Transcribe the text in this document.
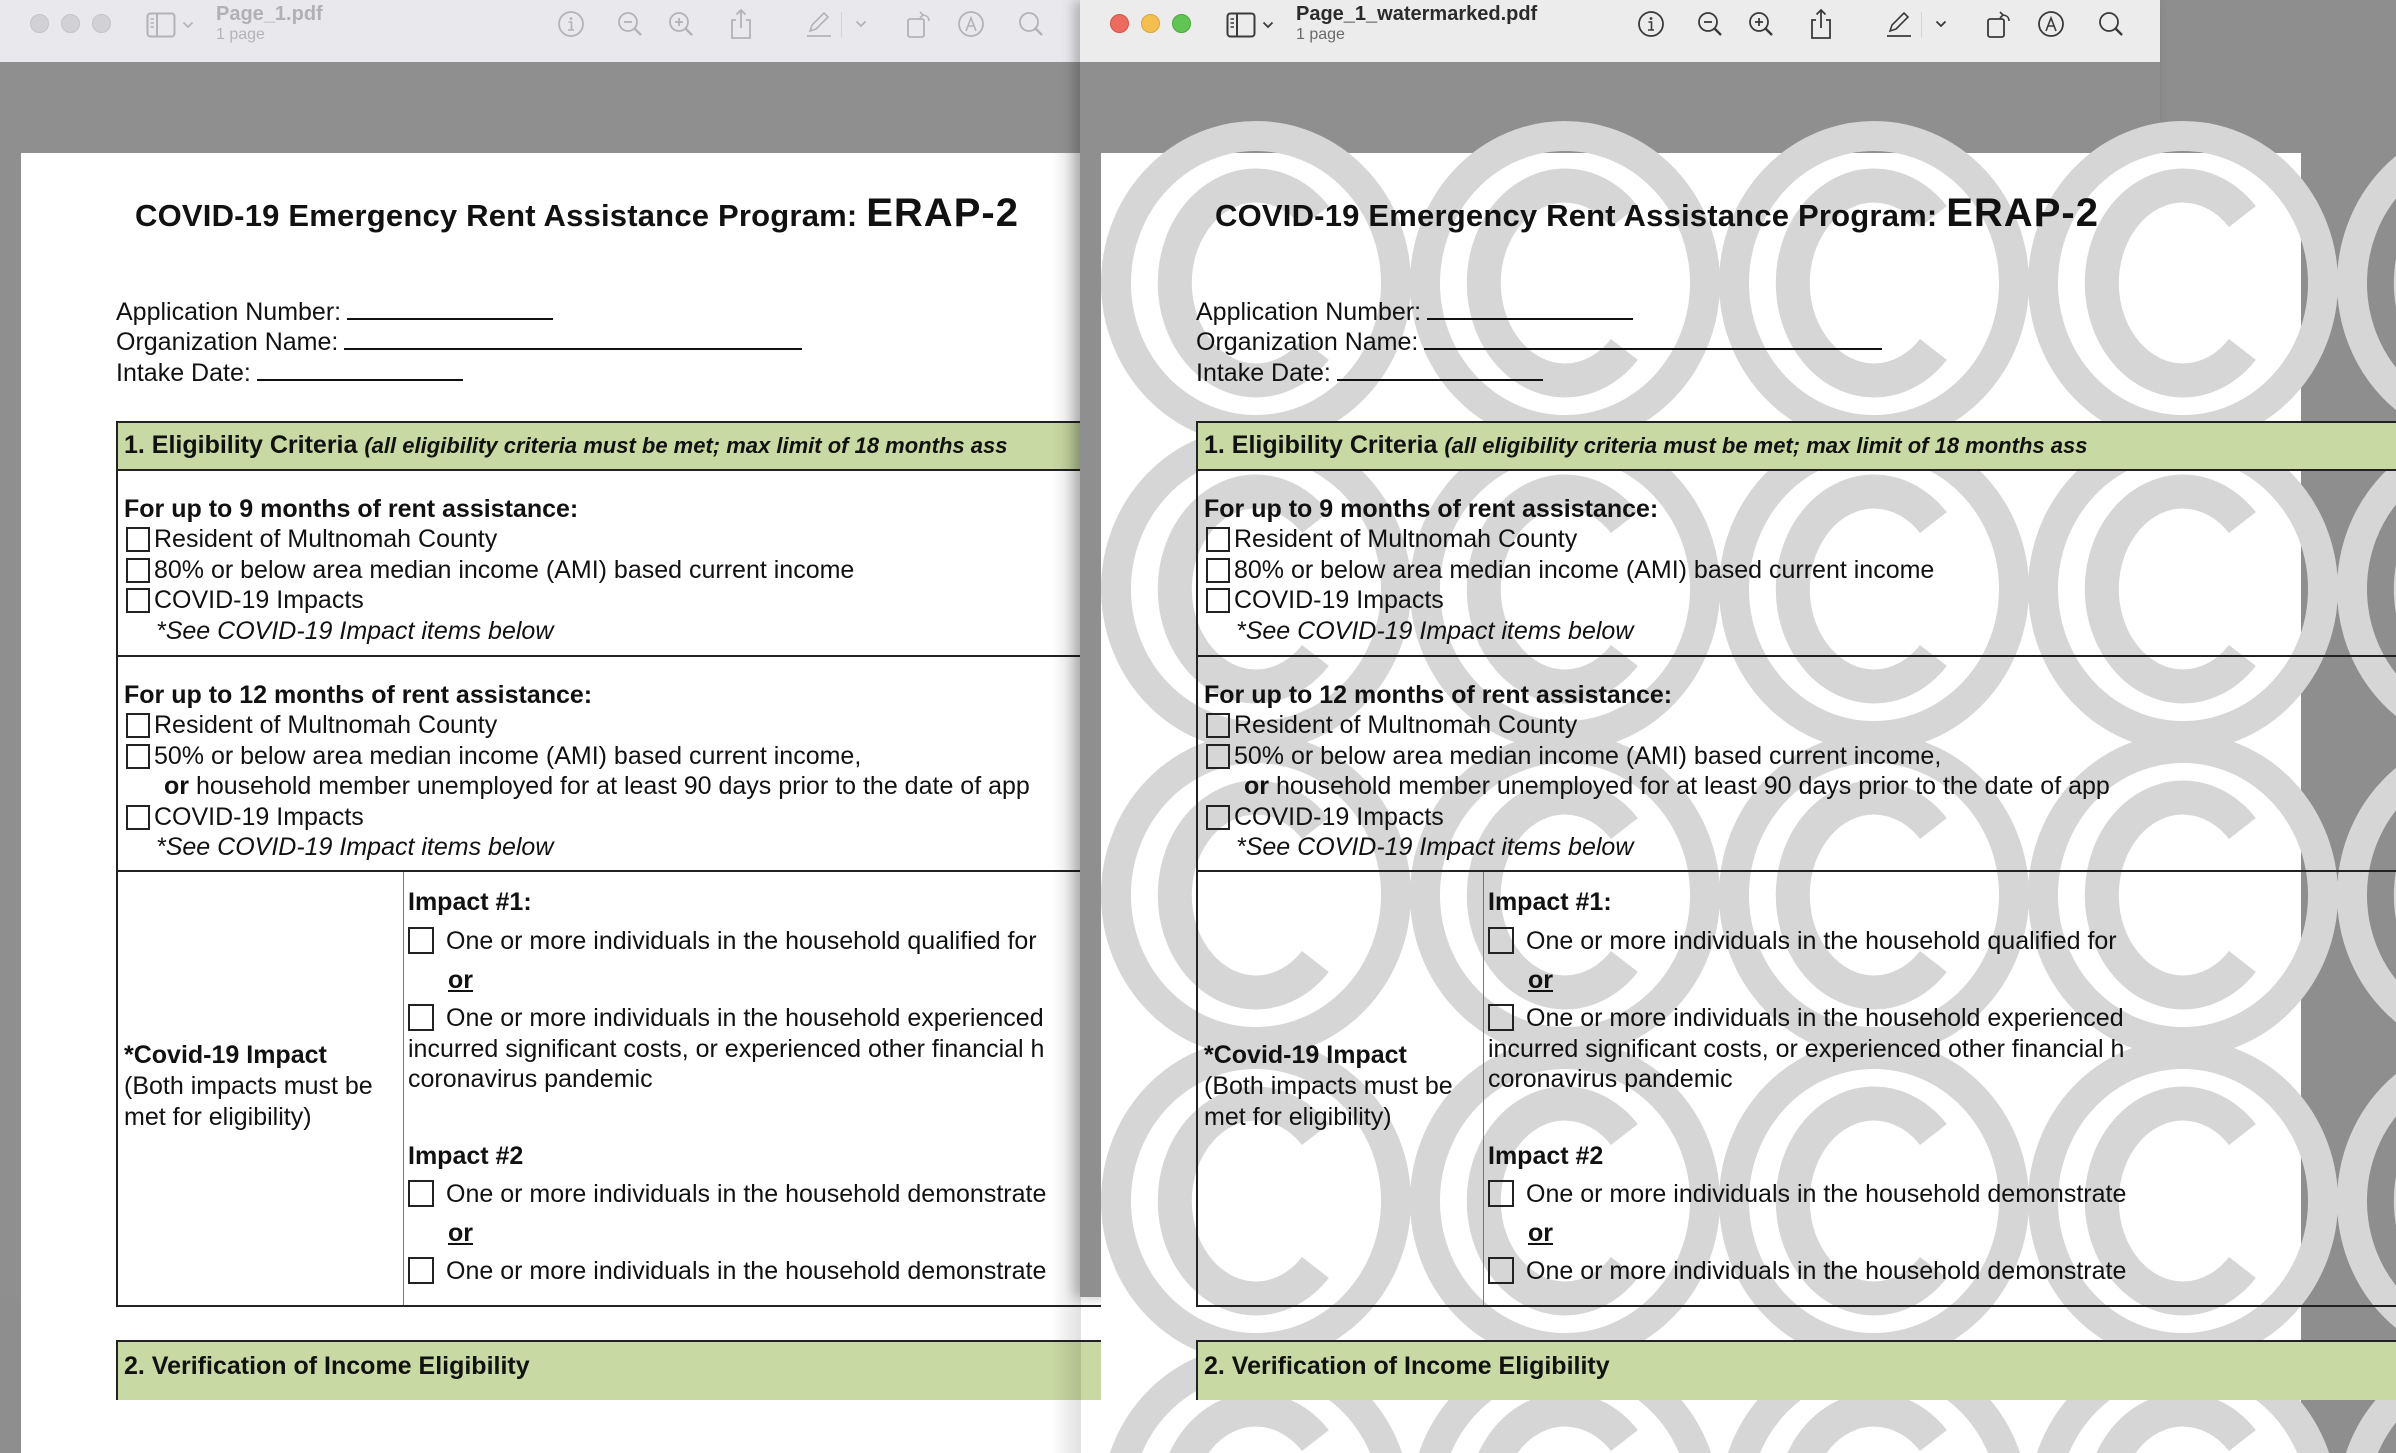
Page_1.pdf
1 page
COVID-19 Emergency Rent Assistance Program: ERAP-2
Application Number:
Organization Name:
Intake Date:
1. Eligibility Criteria (all eligibility criteria must be met; max limit of 18 months ass
For up to 9 months of rent assistance:
Resident of Multnomah County
80% or below area median income (AMI) based current income
COVID-19 Impacts
*See COVID-19 Impact items below
For up to 12 months of rent assistance:
Resident of Multnomah County
50% or below area median income (AMI) based current income,
or household member unemployed for at least 90 days prior to the date of app
COVID-19 Impacts
*See COVID-19 Impact items below
*Covid-19 Impact
(Both impacts must be
met for eligibility)
Impact #1:
One or more individuals in the household qualified for
or
One or more individuals in the household experienced
incurred significant costs, or experienced other financial h
coronavirus pandemic
Impact #2
One or more individuals in the household demonstrate
or
One or more individuals in the household demonstrate
2. Verification of Income Eligibility
Page_1_watermarked.pdf
1 page
COVID-19 Emergency Rent Assistance Program: ERAP-2
Application Number:
Organization Name:
Intake Date:
1. Eligibility Criteria (all eligibility criteria must be met; max limit of 18 months ass
For up to 9 months of rent assistance:
Resident of Multnomah County
80% or below area median income (AMI) based current income
COVID-19 Impacts
*See COVID-19 Impact items below
For up to 12 months of rent assistance:
Resident of Multnomah County
50% or below area median income (AMI) based current income,
or household member unemployed for at least 90 days prior to the date of app
COVID-19 Impacts
*See COVID-19 Impact items below
*Covid-19 Impact
(Both impacts must be
met for eligibility)
Impact #1:
One or more individuals in the household qualified for
or
One or more individuals in the household experienced
incurred significant costs, or experienced other financial h
coronavirus pandemic
Impact #2
One or more individuals in the household demonstrate
or
One or more individuals in the household demonstrate
2. Verification of Income Eligibility
